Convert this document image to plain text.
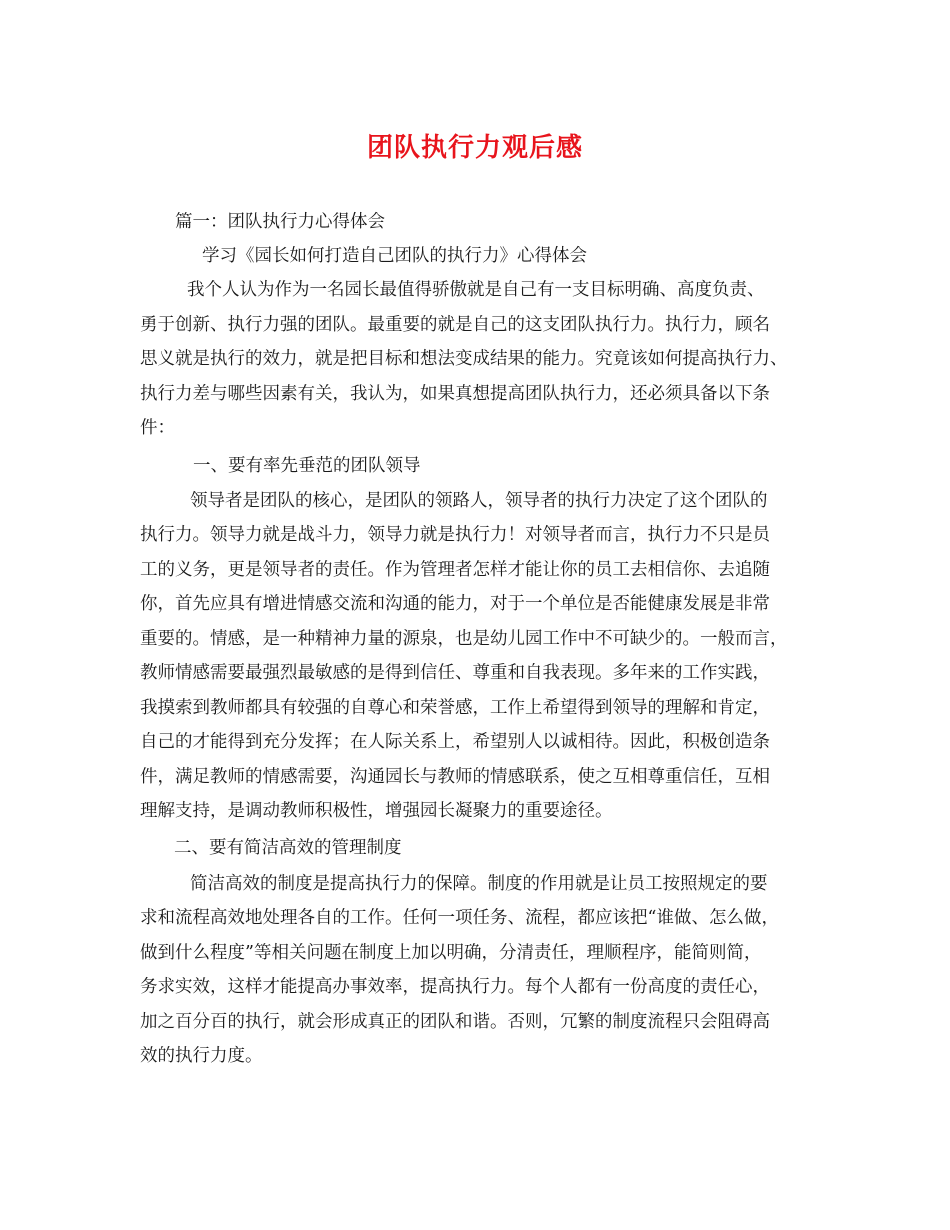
团队执行力观后感
篇一：团队执行力心得体会
学习《园长如何打造自己团队的执行力》心得体会
我个人认为作为一名园长最值得骄傲就是自己有一支目标明确、高度负责、
勇于创新、执行力强的团队。最重要的就是自己的这支团队执行力。执行力，顾名
思义就是执行的效力，就是把目标和想法变成结果的能力。究竟该如何提高执行力、
执行力差与哪些因素有关，我认为，如果真想提高团队执行力，还必须具备以下条
件：
一、要有率先垂范的团队领导
领导者是团队的核心，是团队的领路人，领导者的执行力决定了这个团队的
执行力。领导力就是战斗力，领导力就是执行力！对领导者而言，执行力不只是员
工的义务，更是领导者的责任。作为管理者怎样才能让你的员工去相信你、去追随
你，首先应具有增进情感交流和沟通的能力，对于一个单位是否能健康发展是非常
重要的。情感，是一种精神力量的源泉，也是幼儿园工作中不可缺少的。一般而言，
教师情感需要最强烈最敏感的是得到信任、尊重和自我表现。多年来的工作实践，
我摸索到教师都具有较强的自尊心和荣誉感，工作上希望得到领导的理解和肯定，
自己的才能得到充分发挥；在人际关系上，希望别人以诚相待。因此，积极创造条
件，满足教师的情感需要，沟通园长与教师的情感联系，使之互相尊重信任，互相
理解支持，是调动教师积极性，增强园长凝聚力的重要途径。
二、要有简洁高效的管理制度
简洁高效的制度是提高执行力的保障。制度的作用就是让员工按照规定的要
求和流程高效地处理各自的工作。任何一项任务、流程，都应该把“谁做、怎么做，
做到什么程度”等相关问题在制度上加以明确，分清责任，理顺程序，能简则简，
务求实效，这样才能提高办事效率，提高执行力。每个人都有一份高度的责任心，
加之百分百的执行，就会形成真正的团队和谐。否则，冗繁的制度流程只会阻碍高
效的执行力度。
